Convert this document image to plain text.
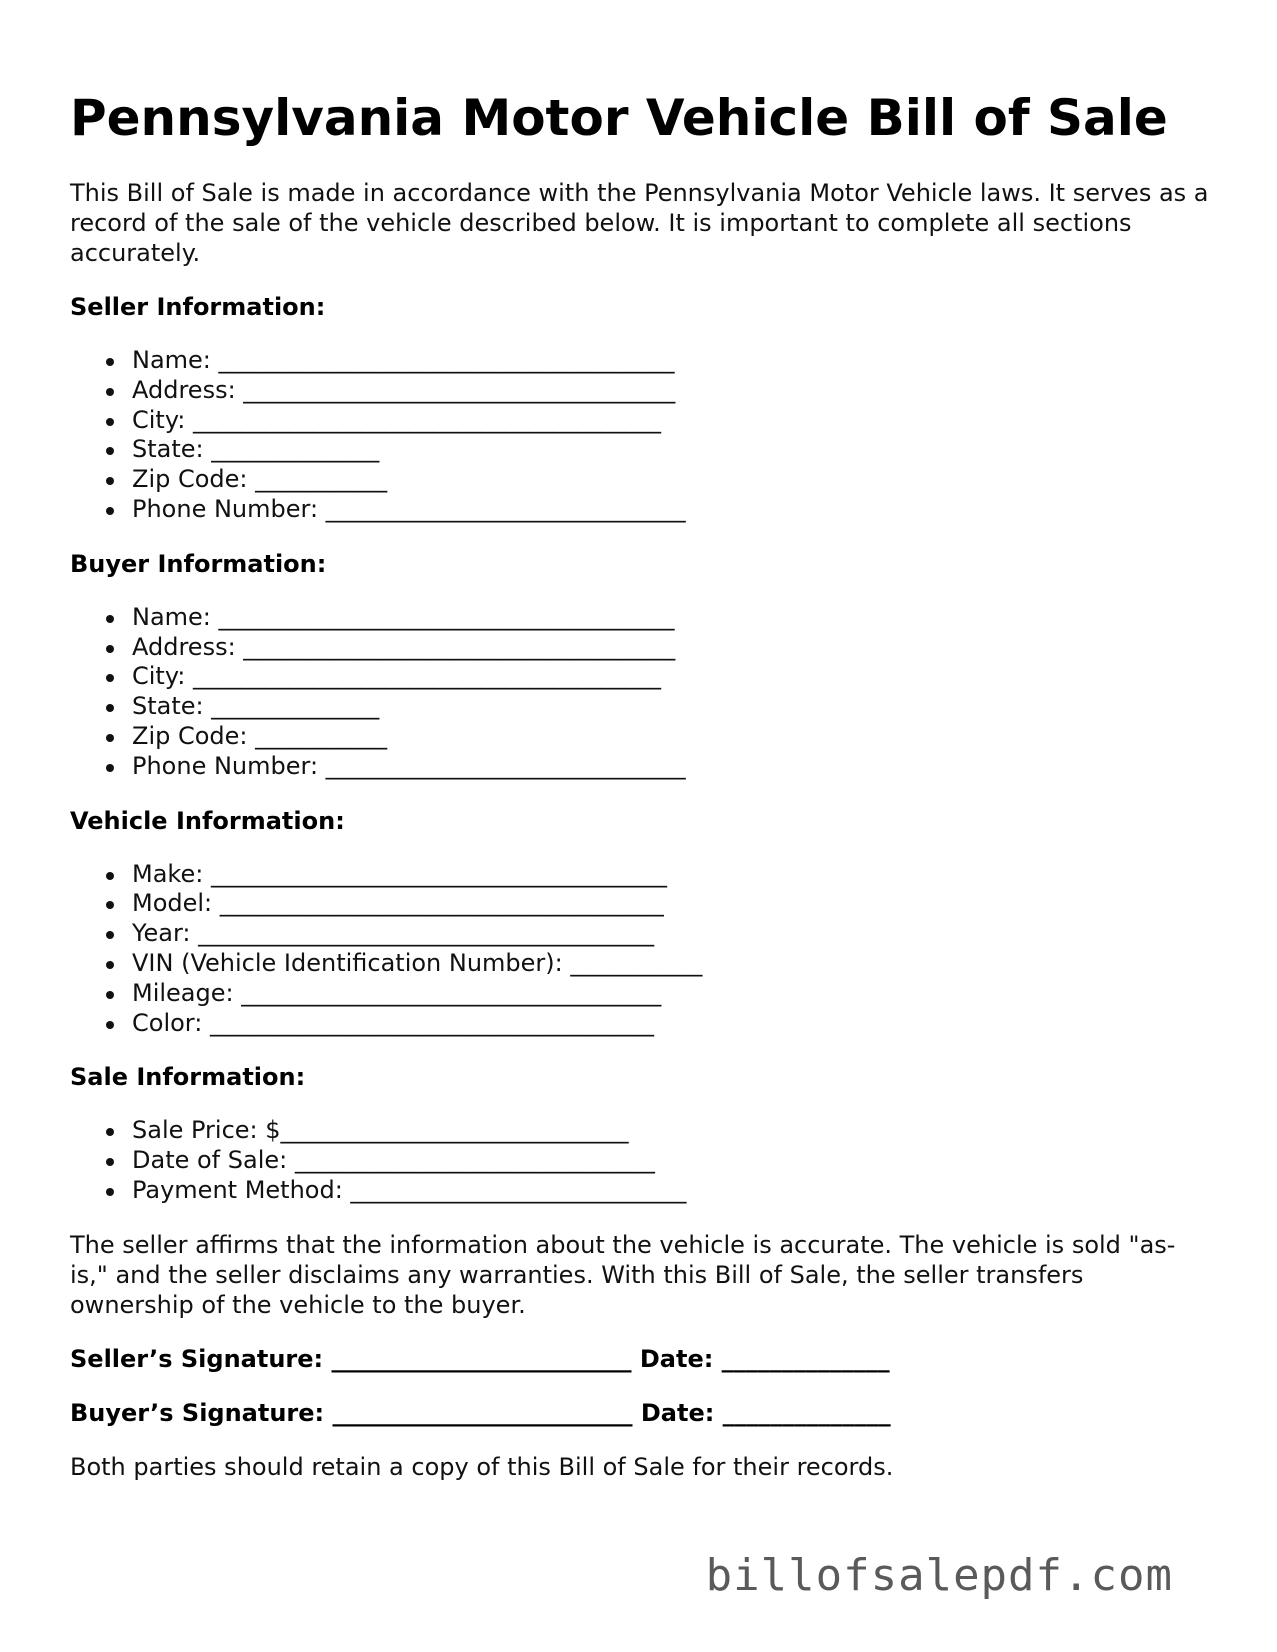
Pennsylvania Motor Vehicle Bill of Sale

This Bill of Sale is made in accordance with the Pennsylvania Motor Vehicle laws. It serves as a record of the sale of the vehicle described below. It is important to complete all sections accurately.

Seller Information:
Name: ______________________________________
Address: ____________________________________
City: _______________________________________
State: ______________
Zip Code: ___________
Phone Number: ______________________________
Buyer Information:
Name: ______________________________________
Address: ____________________________________
City: _______________________________________
State: ______________
Zip Code: ___________
Phone Number: ______________________________
Vehicle Information:
Make: ______________________________________
Model: _____________________________________
Year: ______________________________________
VIN (Vehicle Identification Number): ___________
Mileage: ___________________________________
Color: _____________________________________
Sale Information:
Sale Price: $_____________________________
Date of Sale: ______________________________
Payment Method: ____________________________

The seller affirms that the information about the vehicle is accurate. The vehicle is sold "as-is," and the seller disclaims any warranties. With this Bill of Sale, the seller transfers ownership of the vehicle to the buyer.

Seller’s Signature: _________________________ Date: ______________
Buyer’s Signature: _________________________ Date: ______________

Both parties should retain a copy of this Bill of Sale for their records.

billofsalepdf.com
